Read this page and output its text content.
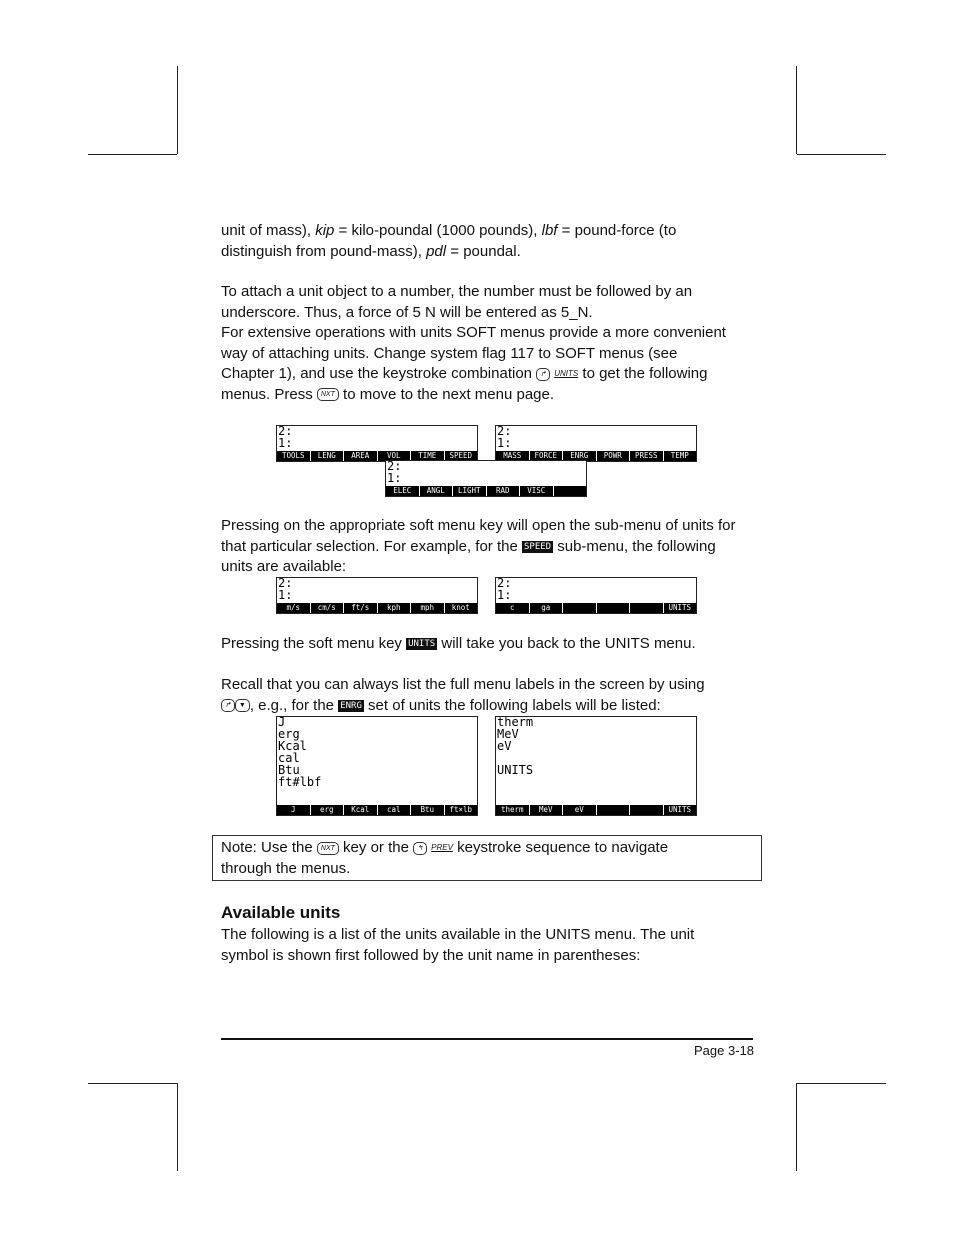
unit of mass), kip = kilo-poundal (1000 pounds), lbf = pound-force (to

distinguish from pound-mass), pdl = poundal.

To attach a unit object to a number, the number must be followed by an

underscore. Thus, a force of 5 N will be entered as 5_N.

For extensive operations with units SOFT menus provide a more convenient

way of attaching units. Change system flag 117 to SOFT menus (see

Chapter 1), and use the keystroke combination ↱ UNITS to get the following

menus. Press NXT to move to the next menu page.

2:
1:
TOOLS	LENG	AREA	VOL	TIME	SPEED
2:
1:
MASS	FORCE	ENRG	POWR	PRESS	TEMP
2:
1:
ELEC	ANGL	LIGHT	RAD	VISC

Pressing on the appropriate soft menu key will open the sub-menu of units for

that particular selection. For example, for the SPEED sub-menu, the following

units are available:

2:
1:
m/s	cm/s	ft/s	kph	mph	knot
2:
1:
c	ga	UNITS

Pressing the soft menu key UNITS will take you back to the UNITS menu.

Recall that you can always list the full menu labels in the screen by using

↱ ▼ , e.g., for the ENRG set of units the following labels will be listed:

J
erg
Kcal
cal
Btu
ft#lbf
J	erg	Kcal	cal	Btu	ft×lb
therm
MeV
eV
UNITS
therm	MeV	eV	UNITS

Note: Use the NXT key or the ↰ PREV keystroke sequence to navigate
through the menus.

Available units

The following is a list of the units available in the UNITS menu. The unit

symbol is shown first followed by the unit name in parentheses:

Page 3-18
